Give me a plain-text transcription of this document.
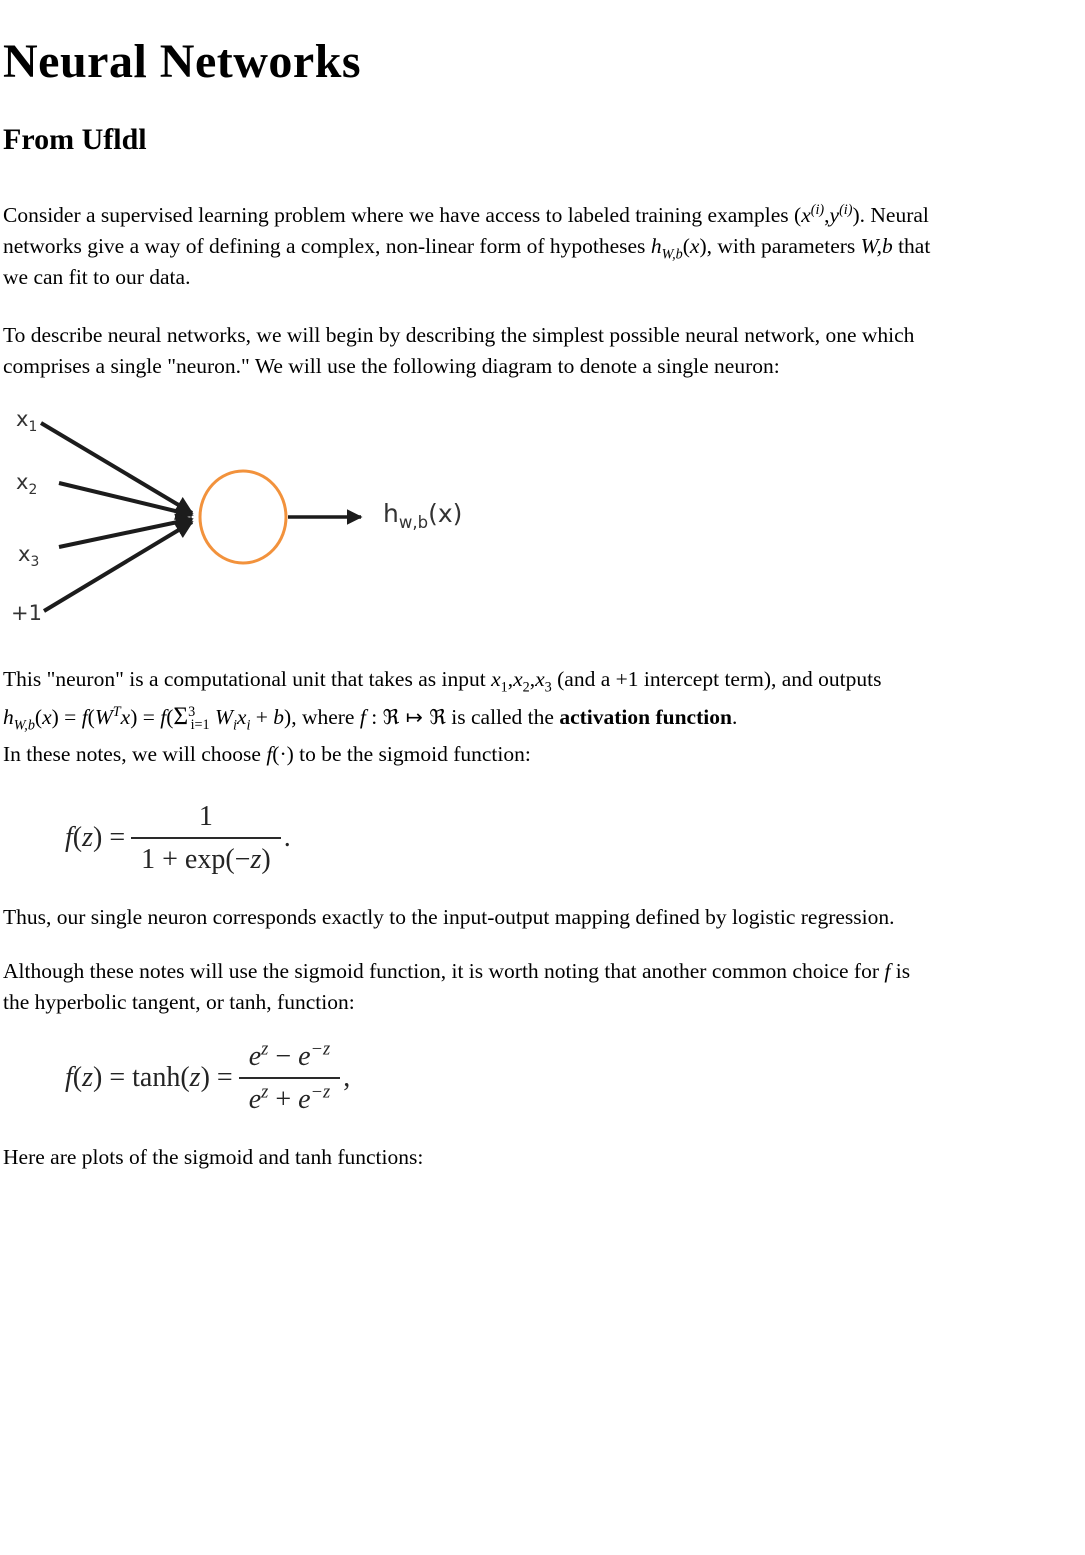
Neural Networks
From Ufldl
Consider a supervised learning problem where we have access to labeled training examples $(x^{(i)},y^{(i)})$. Neural
networks give a way of defining a complex, non-linear form of hypotheses $h_{W,b}(x)$, with parameters W,b that
we can fit to our data.
To describe neural networks, we will begin by describing the simplest possible neural network, one which
comprises a single "neuron." We will use the following diagram to denote a single neuron:
$x_1$
$x_2$
$x_3$
+1
$h_{w,b}(x)$
This "neuron" is a computational unit that takes as input $x_1,x_2,x_3$ (and a +1 intercept term), and outputs
$h_{W,b}(x) = f(W^Tx) = f(\Sigma^3_{i=1}$ $W_ix_i + b$), where f : ℜ ↦ ℜ is called the activation function.
In these notes, we will choose f(·) to be the sigmoid function:
$f(z) = \frac{1}{1 + \exp(-z)}$ .
Thus, our single neuron corresponds exactly to the input-output mapping defined by logistic regression.
Although these notes will use the sigmoid function, it is worth noting that another common choice for f is
the hyperbolic tangent, or tanh, function:
$f(z) = \tanh(z) = \frac{e^z - e^{-z}}{e^z + e^{-z}}$ ,
Here are plots of the sigmoid and tanh functions:
